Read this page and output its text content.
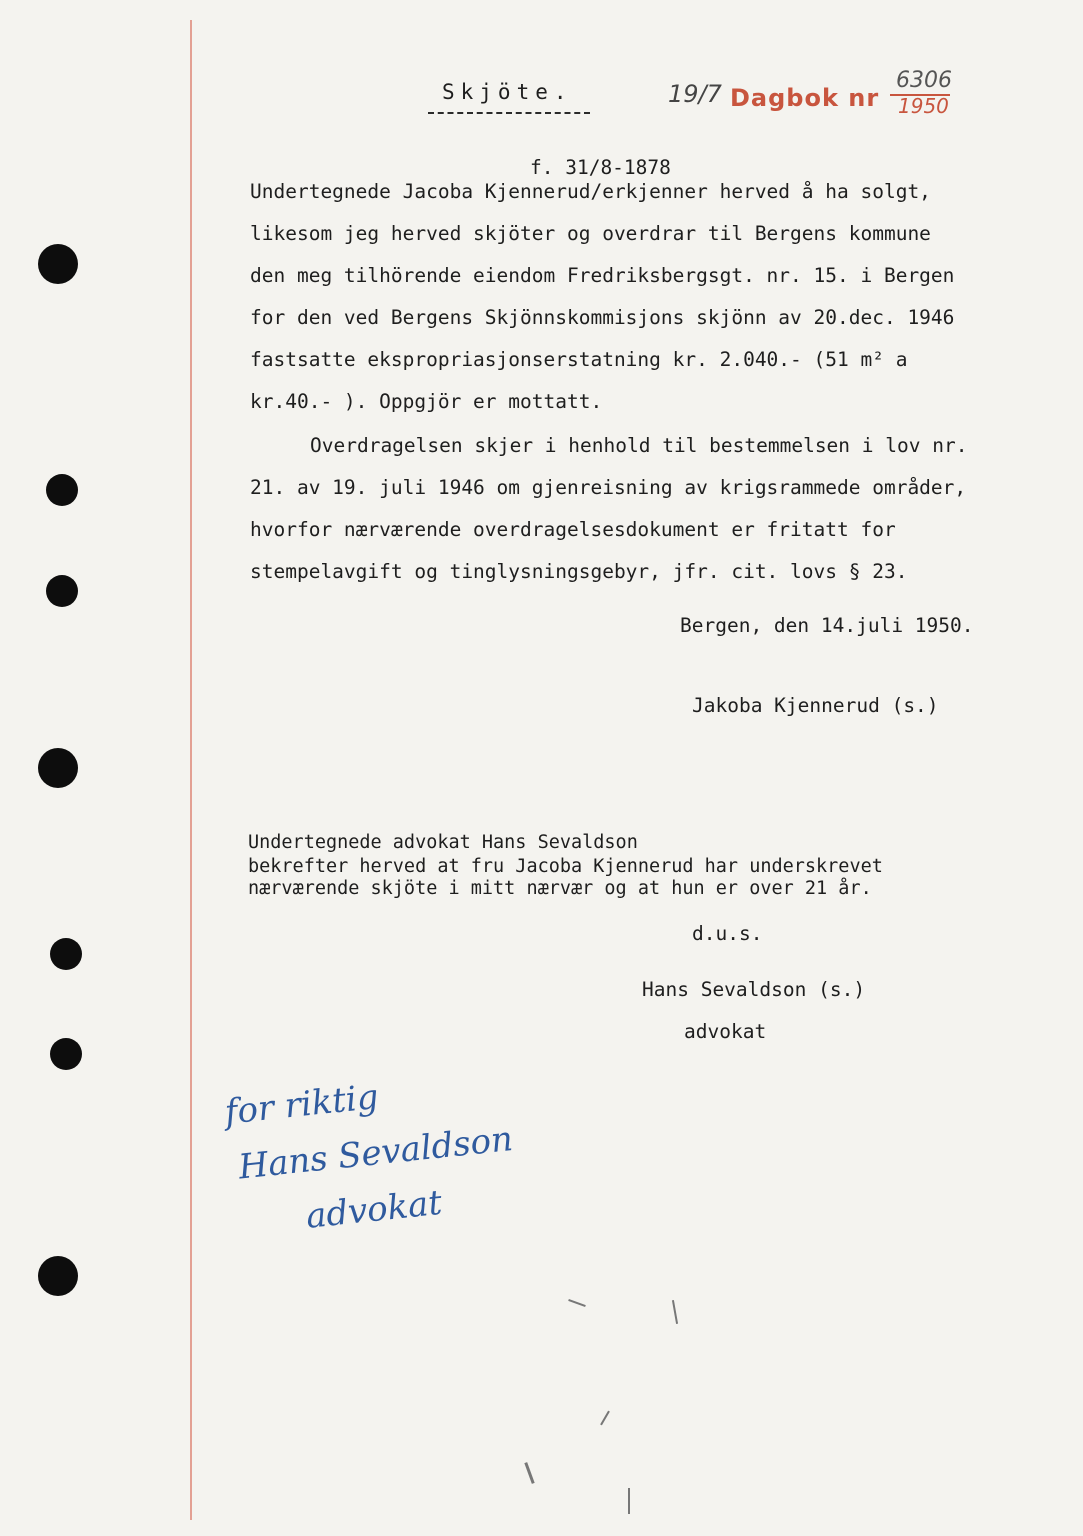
Skjöte.	19/7 Dagbok nr
6306
1950
f. 31/8-1878
Undertegnede Jacoba Kjennerud/erkjenner herved å ha solgt,
likesom jeg herved skjöter og overdrar til Bergens kommune
den meg tilhörende eiendom Fredriksbergsgt. nr. 15. i Bergen
for den ved Bergens Skjönnskommisjons skjönn av 20.dec. 1946
fastsatte ekspropriasjonserstatning kr. 2.040.- (51 m² a
kr.40.- ). Oppgjör er mottatt.
Overdragelsen skjer i henhold til bestemmelsen i lov nr.
21. av 19. juli 1946 om gjenreisning av krigsrammede områder,
hvorfor nærværende overdragelsesdokument er fritatt for
stempelavgift og tinglysningsgebyr, jfr. cit. lovs § 23.
Bergen, den 14.juli 1950.
Jakoba Kjennerud (s.)
Undertegnede advokat Hans Sevaldson
bekrefter herved at fru Jacoba Kjennerud har underskrevet
nærværende skjöte i mitt nærvær og at hun er over 21 år.
d.u.s.
Hans Sevaldson (s.)
advokat
for riktig
Hans Sevaldson
advokat
